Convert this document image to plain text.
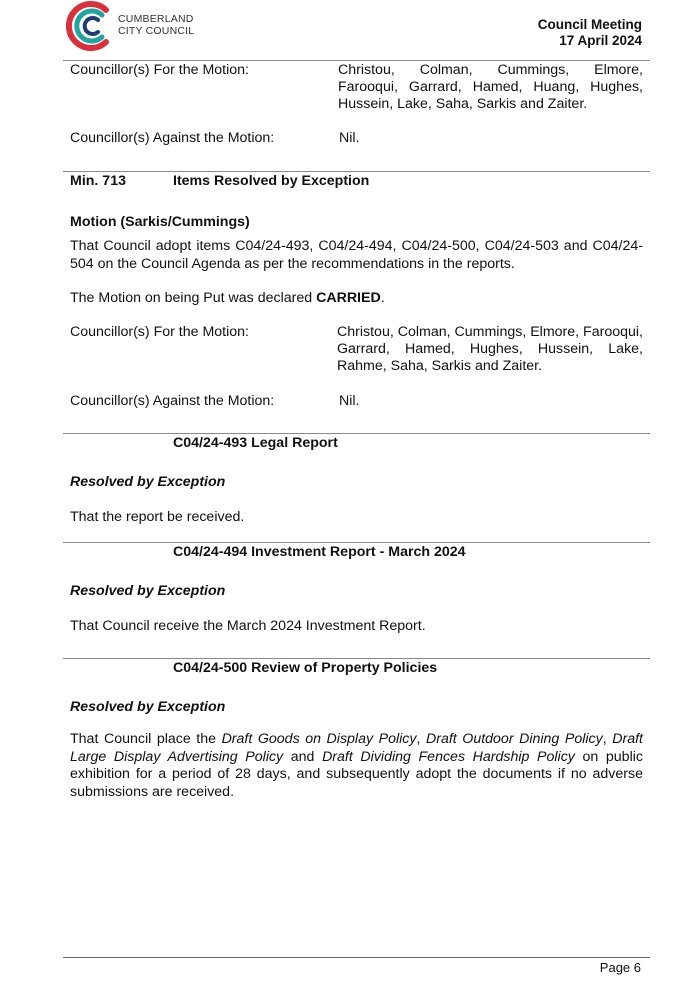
CUMBERLAND
CITY COUNCIL	Council Meeting
17 April 2024
Councillor(s) For the Motion:	Christou, Colman, Cummings, Elmore, Farooqui, Garrard, Hamed, Huang, Hughes, Hussein, Lake, Saha, Sarkis and Zaiter.
Councillor(s) Against the Motion:	Nil.
Min. 713	Items Resolved by Exception
Motion (Sarkis/Cummings)
That Council adopt items C04/24-493, C04/24-494, C04/24-500, C04/24-503 and C04/24-504 on the Council Agenda as per the recommendations in the reports.
The Motion on being Put was declared CARRIED.
Councillor(s) For the Motion:	Christou, Colman, Cummings, Elmore, Farooqui, Garrard, Hamed, Hughes, Hussein, Lake, Rahme, Saha, Sarkis and Zaiter.
Councillor(s) Against the Motion:	Nil.
C04/24-493 Legal Report
Resolved by Exception
That the report be received.
C04/24-494 Investment Report - March 2024
Resolved by Exception
That Council receive the March 2024 Investment Report.
C04/24-500 Review of Property Policies
Resolved by Exception
That Council place the Draft Goods on Display Policy, Draft Outdoor Dining Policy, Draft Large Display Advertising Policy and Draft Dividing Fences Hardship Policy on public exhibition for a period of 28 days, and subsequently adopt the documents if no adverse submissions are received.
Page 6
